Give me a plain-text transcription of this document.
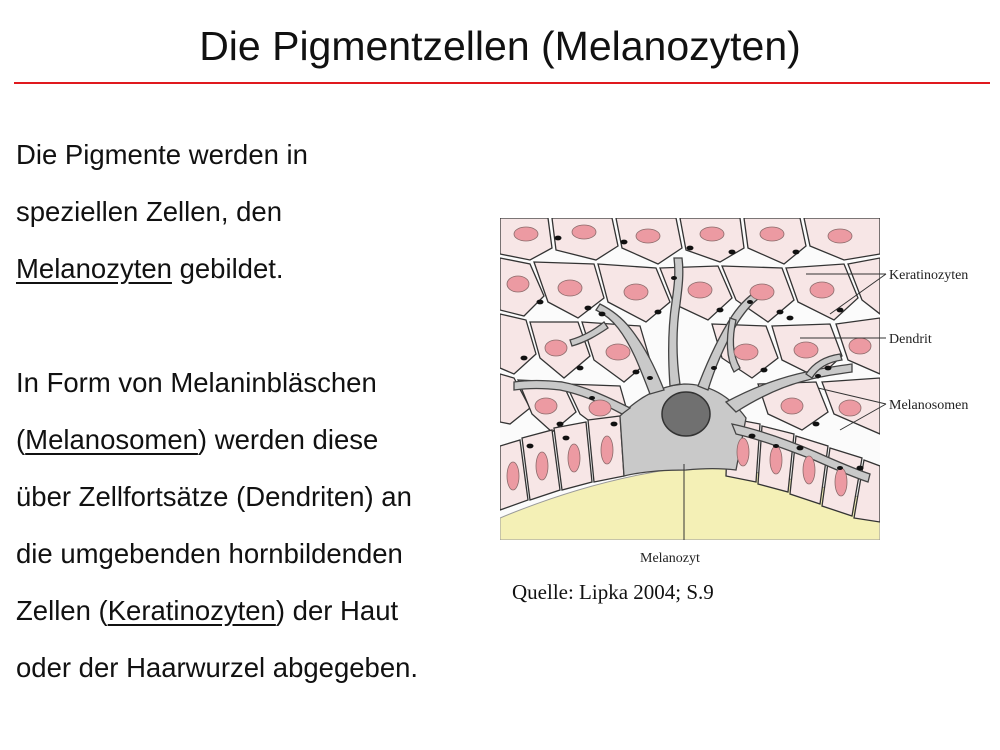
Die Pigmentzellen (Melanozyten)
Die Pigmente werden in
speziellen Zellen, den
Melanozyten gebildet.
In Form von Melaninbläschen
(Melanosomen) werden diese
über Zellfortsätze (Dendriten) an
die umgebenden hornbildenden
Zellen (Keratinozyten) der Haut
oder der Haarwurzel abgegeben.
Keratinozyten
Dendrit
Melanosomen
Melanozyt
Quelle: Lipka 2004; S.9
